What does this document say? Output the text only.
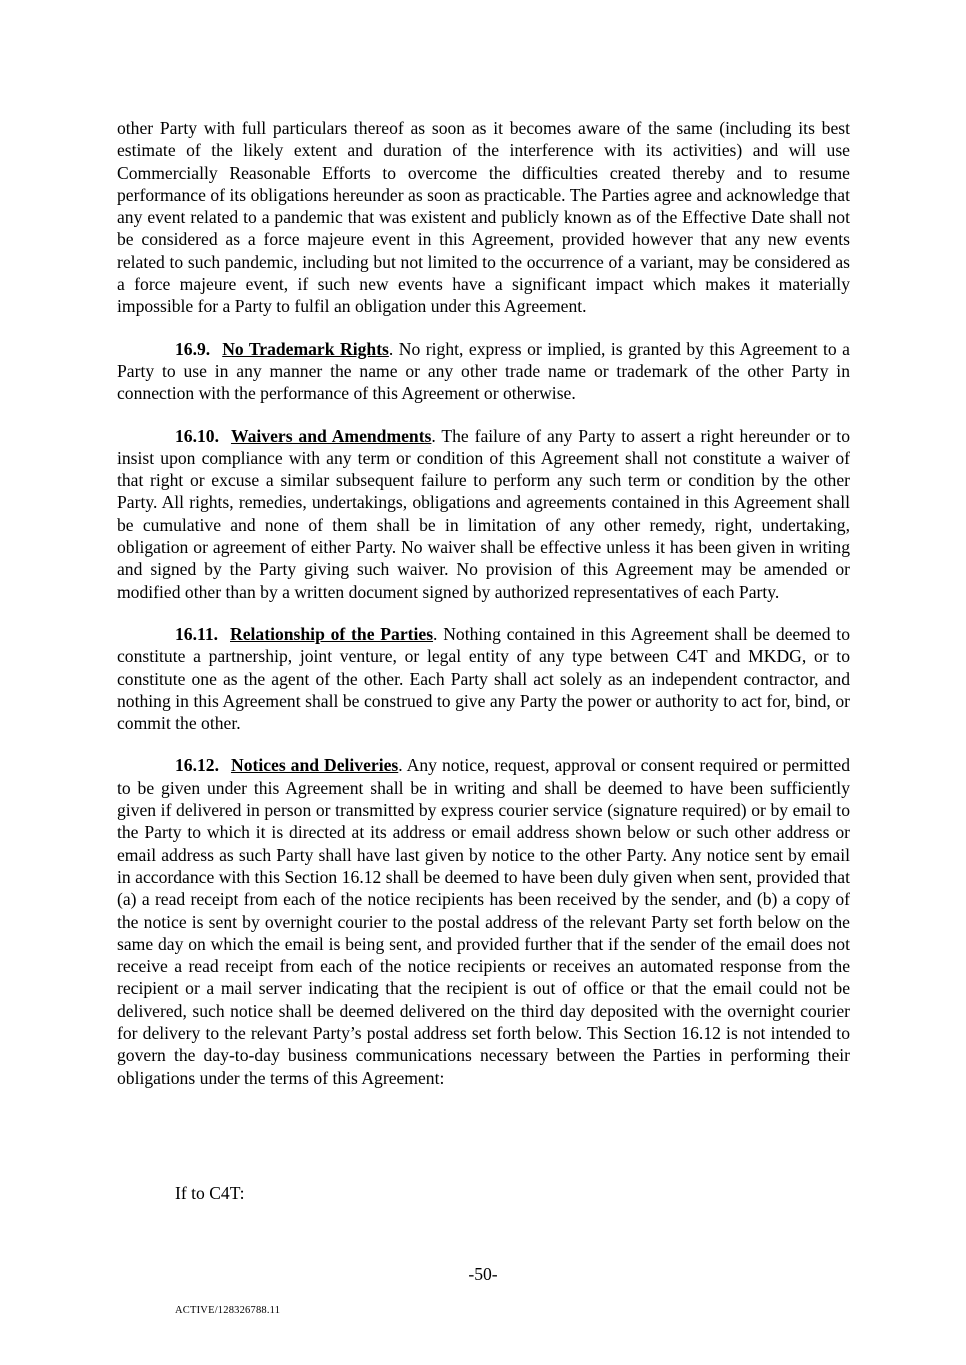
other Party with full particulars thereof as soon as it becomes aware of the same (including its best estimate of the likely extent and duration of the interference with its activities) and will use Commercially Reasonable Efforts to overcome the difficulties created thereby and to resume performance of its obligations hereunder as soon as practicable. The Parties agree and acknowledge that any event related to a pandemic that was existent and publicly known as of the Effective Date shall not be considered as a force majeure event in this Agreement, provided however that any new events related to such pandemic, including but not limited to the occurrence of a variant, may be considered as a force majeure event, if such new events have a significant impact which makes it materially impossible for a Party to fulfil an obligation under this Agreement.

16.9. No Trademark Rights. No right, express or implied, is granted by this Agreement to a Party to use in any manner the name or any other trade name or trademark of the other Party in connection with the performance of this Agreement or otherwise.

16.10. Waivers and Amendments. The failure of any Party to assert a right hereunder or to insist upon compliance with any term or condition of this Agreement shall not constitute a waiver of that right or excuse a similar subsequent failure to perform any such term or condition by the other Party. All rights, remedies, undertakings, obligations and agreements contained in this Agreement shall be cumulative and none of them shall be in limitation of any other remedy, right, undertaking, obligation or agreement of either Party. No waiver shall be effective unless it has been given in writing and signed by the Party giving such waiver. No provision of this Agreement may be amended or modified other than by a written document signed by authorized representatives of each Party.

16.11. Relationship of the Parties. Nothing contained in this Agreement shall be deemed to constitute a partnership, joint venture, or legal entity of any type between C4T and MKDG, or to constitute one as the agent of the other. Each Party shall act solely as an independent contractor, and nothing in this Agreement shall be construed to give any Party the power or authority to act for, bind, or commit the other.

16.12. Notices and Deliveries. Any notice, request, approval or consent required or permitted to be given under this Agreement shall be in writing and shall be deemed to have been sufficiently given if delivered in person or transmitted by express courier service (signature required) or by email to the Party to which it is directed at its address or email address shown below or such other address or email address as such Party shall have last given by notice to the other Party. Any notice sent by email in accordance with this Section 16.12 shall be deemed to have been duly given when sent, provided that (a) a read receipt from each of the notice recipients has been received by the sender, and (b) a copy of the notice is sent by overnight courier to the postal address of the relevant Party set forth below on the same day on which the email is being sent, and provided further that if the sender of the email does not receive a read receipt from each of the notice recipients or receives an automated response from the recipient or a mail server indicating that the recipient is out of office or that the email could not be delivered, such notice shall be deemed delivered on the third day deposited with the overnight courier for delivery to the relevant Party’s postal address set forth below. This Section 16.12 is not intended to govern the day-to-day business communications necessary between the Parties in performing their obligations under the terms of this Agreement:

If to C4T:
-50-
ACTIVE/128326788.11
